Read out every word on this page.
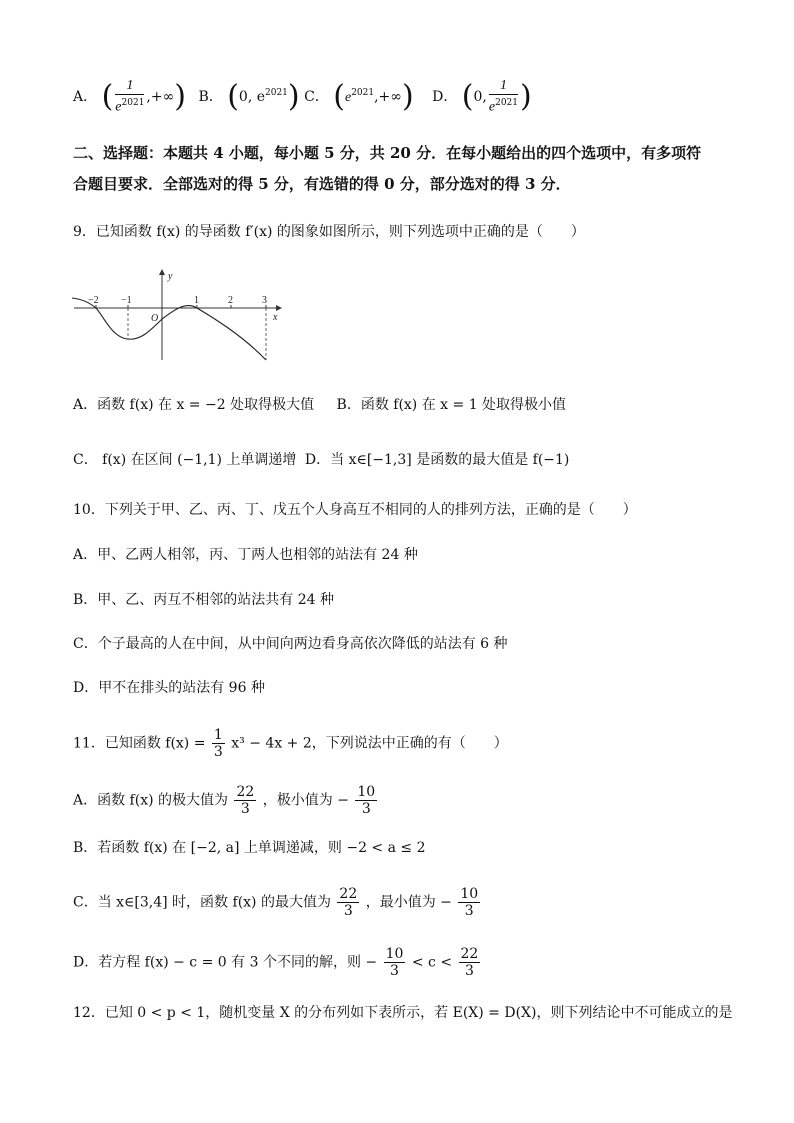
A． ( $\frac{1}{e^{2021}}$ ,+∞) B． (0, $e^{2021}$) C． $(e^{2021},+\infty)$ D． (0, $\frac{1}{e^{2021}}$ )
二、选择题：本题共 4 小题，每小题 5 分，共 20 分．在每小题给出的四个选项中，有多项符
合题目要求．全部选对的得 5 分，有选错的得 0 分，部分选对的得 3 分．
9．已知函数 f(x) 的导函数 f′(x) 的图象如图所示，则下列选项中正确的是（　　）
y
x
O
−2 −1	1	2	3
A．函数 f(x) 在 x = −2 处取得极大值 B．函数 f(x) 在 x = 1 处取得极小值
C． f(x) 在区间 (−1,1) 上单调递增 D．当 x∈[−1,3] 是函数的最大值是 f(−1)
10．下列关于甲、乙、丙、丁、戊五个人身高互不相同的人的排列方法，正确的是（　　）
A．甲、乙两人相邻，丙、丁两人也相邻的站法有 24 种
B．甲、乙、丙互不相邻的站法共有 24 种
C．个子最高的人在中间，从中间向两边看身高依次降低的站法有 6 种
D．甲不在排头的站法有 96 种
11．已知函数 $f(x) = \frac{1}{3} x^3 - 4x + 2$，下列说法中正确的有（　　）
A．函数 f(x) 的极大值为 $\frac{22}{3}$ ，极小值为 − $\frac{10}{3}$
B．若函数 f(x) 在 [−2, a] 上单调递减，则 −2 < a ≤ 2
C．当 x∈[3,4] 时，函数 f(x) 的最大值为 $\frac{22}{3}$ ，最小值为 − $\frac{10}{3}$
D．若方程 f(x) − c = 0 有 3 个不同的解，则 − $\frac{10}{3} < c < \frac{22}{3}$
12．已知 0 < p < 1，随机变量 X 的分布列如下表所示，若 E(X) = D(X)，则下列结论中不可能成立的是
